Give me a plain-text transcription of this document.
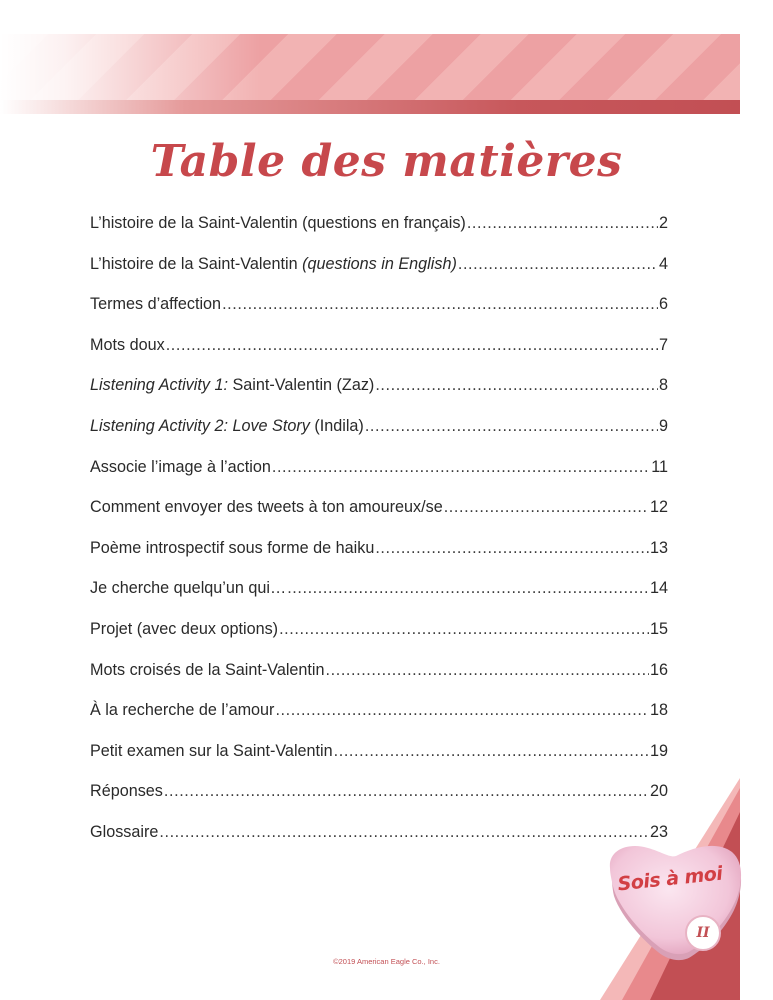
Table des matières
L’histoire de la Saint-Valentin (questions en français) .....	2
L’histoire de la Saint-Valentin (questions in English) .....	4
Termes d’affection .....	6
Mots doux .....	7
Listening Activity 1: Saint-Valentin (Zaz) .....	8
Listening Activity 2: Love Story (Indila) .....	9
Associe l’image à l’action .....	11
Comment envoyer des tweets à ton amoureux/se .....	12
Poème introspectif sous forme de haiku .....	13
Je cherche quelqu’un qui… .....	14
Projet (avec deux options) .....	15
Mots croisés de la Saint-Valentin .....	16
À la recherche de l’amour .....	18
Petit examen sur la Saint-Valentin .....	19
Réponses .....	20
Glossaire .....	23
Sois à moi
II
©2019 American Eagle Co., Inc.
